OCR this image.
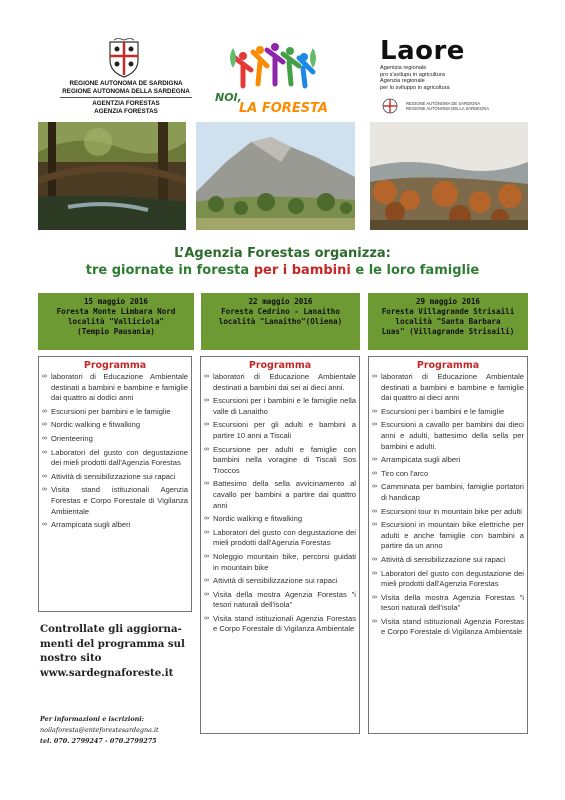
REGIONE AUTONOMA DE SARDIGNA
REGIONE AUTONOMA DELLA SARDEGNA
AGENTZIA FORESTAS
AGENZIA FORESTAS
NOI,
LA FORESTA
Laore
Agentzia regionale
pro s'avilupu in agricultura
Agenzia regionale
per lo sviluppo in agricoltura
REGIONE AUTÒNOMA DE SARDIGNA
REGIONE AUTONOMA DELLA SARDEGNA
L’Agenzia Forestas organizza:
tre giornate in foresta per i bambini e le loro famiglie
15 maggio 2016
Foresta Monte Limbara Nord
località "Valliciola"
(Tempio Pausania)
22 maggio 2016
Foresta Cedrino - Lanaitho
località "Lanaitho"(Oliena)
29 maggio 2016
Foresta Villagrande Strisaili
località "Santa Barbara
Luas" (Villagrande Strisaili)
Programma
∞ laboratori di Educazione Ambientale destinati a bambini e bambine e famiglie dai quattro ai dodici anni
∞ Escursioni per bambini e le famiglie
∞ Nordic walking e fitwalking
∞ Orienteering
∞ Laboratori del gusto con degustazione dei mieli prodotti dall'Agenzia Forestas
∞ Attività di sensibilizzazione sui rapaci
∞ Visita stand istituzionali Agenzia Forestas e Corpo Forestale di Vigilanza Ambientale
∞ Arrampicata sugli alberi
Programma
∞ laboratori di Educazione Ambientale destinati a bambini dai sei ai dieci anni.
∞ Escursioni per i bambini e le famiglie nella valle di Lanaitho
∞ Escursioni per gli adulti e bambini a partire 10 anni a Tiscali
∞ Escursione per adulti e famiglie con bambini nella voragine di Tiscali Sos Troccos
∞ Battesimo della sella avvicinamento al cavallo per bambini a partire dai quattro anni
∞ Nordic walking e fitwalking
∞ Laboratori del gusto con degustazione dei mieli prodotti dall'Agenzia Forestas
∞ Noleggio mountain bike, percorsi guidati in mountain bike
∞ Attività di sensibilizzazione sui rapaci
∞ Visita della mostra Agenzia Forestas "i tesori naturali dell'isola"
∞ Visita stand istituzionali Agenzia Forestas e Corpo Forestale di Vigilanza Ambientale
Programma
∞ laboratori di Educazione Ambientale destinati a bambini e bambine e famiglie dai quattro ai dieci anni
∞ Escursioni per i bambini e le famiglie
∞ Escursioni a cavallo per bambini dai dieci anni e adulti, battesimo della sella per bambini e adulti.
∞ Arrampicata sugli alberi
∞ Tiro con l'arco
∞ Camminata per bambini, famiglie portatori di handicap
∞ Escursioni tour in mountain bike per adulti
∞ Escursioni in mountain bike elettriche per adulti e anche famiglie con bambini a partire da un anno
∞ Attività di sensibilizzazione sui rapaci
∞ Laboratori del gusto con degustazione dei mieli prodotti dall'Agenzia Forestas
∞ Visita della mostra Agenzia Forestas "i tesori naturali dell'isola"
∞ Visita stand istituzionali Agenzia Forestas e Corpo Forestale di Vigilanza Ambientale
Controllate gli aggiorna-
menti del programma sul
nostro sito
www.sardegnaforeste.it
Per informazioni e iscrizioni:
noilaforesta@enteforestesardegna.it
tel. 070. 2799247 - 070.2799275
